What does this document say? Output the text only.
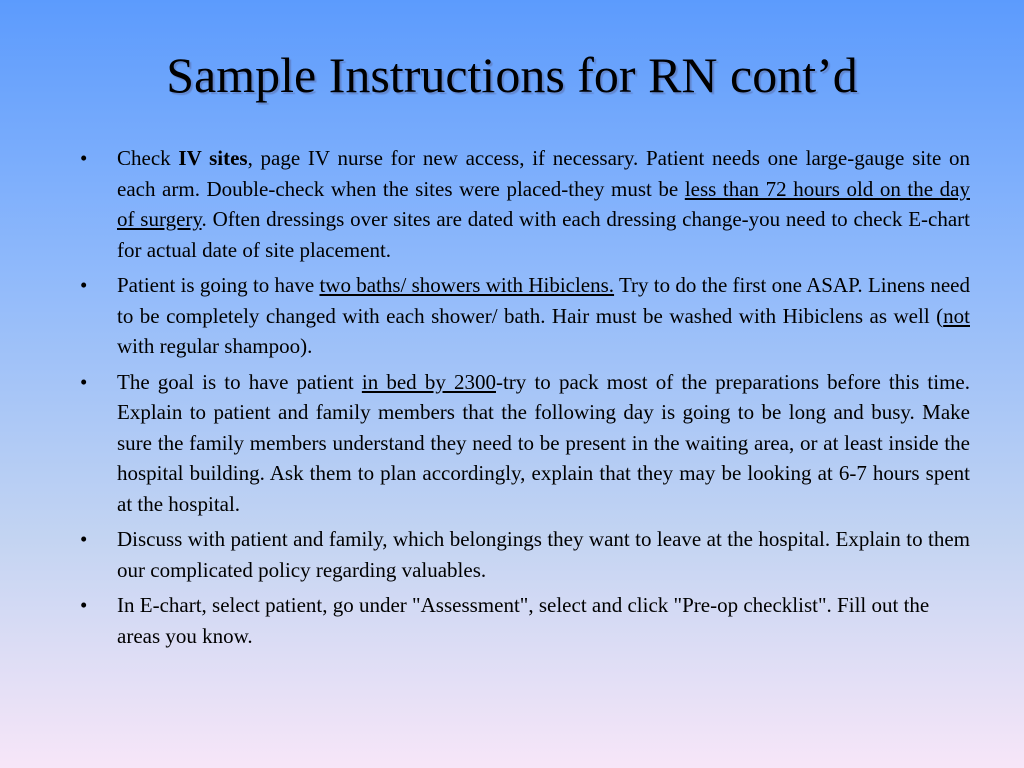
Sample Instructions for RN cont’d
• Check IV sites, page IV nurse for new access, if necessary. Patient needs one large-gauge site on each arm. Double-check when the sites were placed-they must be less than 72 hours old on the day of surgery. Often dressings over sites are dated with each dressing change-you need to check E-chart for actual date of site placement.
• Patient is going to have two baths/ showers with Hibiclens. Try to do the first one ASAP. Linens need to be completely changed with each shower/ bath. Hair must be washed with Hibiclens as well (not with regular shampoo).
• The goal is to have patient in bed by 2300-try to pack most of the preparations before this time. Explain to patient and family members that the following day is going to be long and busy. Make sure the family members understand they need to be present in the waiting area, or at least inside the hospital building. Ask them to plan accordingly, explain that they may be looking at 6-7 hours spent at the hospital.
• Discuss with patient and family, which belongings they want to leave at the hospital. Explain to them our complicated policy regarding valuables.
• In E-chart, select patient, go under "Assessment", select and click "Pre-op checklist". Fill out the areas you know.
